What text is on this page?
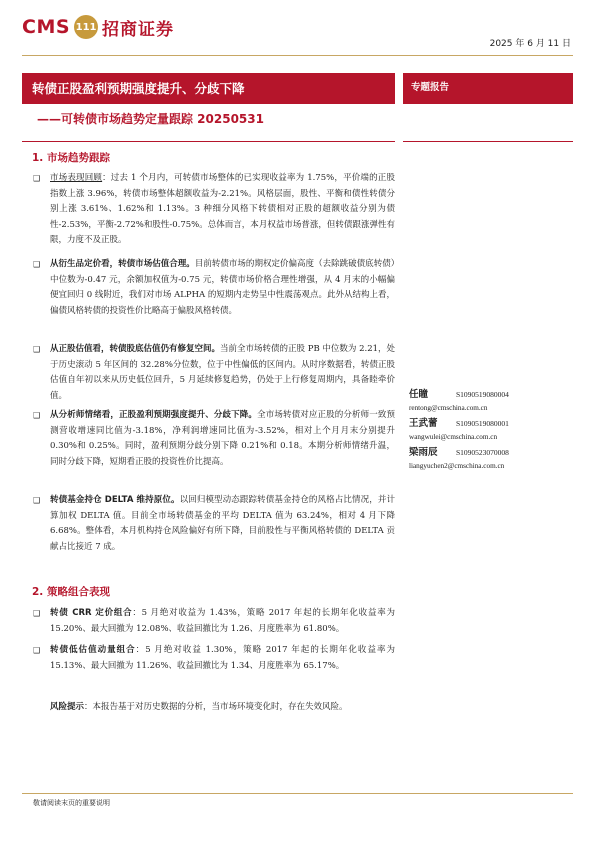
CMS 111 招商证券
2025 年 6 月 11 日
转债正股盈利预期强度提升、分歧下降
——可转债市场趋势定量跟踪 20250531
专题报告
1. 市场趋势跟踪
❑ 市场表现回顾：过去 1 个月内，可转债市场整体的已实现收益率为 1.75%，平价端的正股指数上涨 3.96%，转债市场整体超额收益为-2.21%。风格层面，股性、平衡和债性转债分别上涨 3.61%、1.62%和 1.13%。3 种细分风格下转债相对正股的超额收益分别为债性-2.53%，平衡-2.72%和股性-0.75%。总体而言，本月权益市场普涨，但转债跟涨弹性有限，力度不及正股。
❑ 从衍生品定价看，转债市场估值合理。目前转债市场的期权定价偏高度（去除跳破债底转债）中位数为-0.47 元，余额加权值为-0.75 元，转债市场价格合理性增强，从 4 月末的小幅偏便宜回归 0 线附近，我们对市场 ALPHA 的短期内走势呈中性震荡观点。此外从结构上看，偏债风格转债的投资性价比略高于偏股风格转债。
❑ 从正股估值看，转债股底估值仍有修复空间。当前全市场转债的正股 PB 中位数为 2.21，处于历史滚动 5 年区间的 32.28%分位数，位于中性偏低的区间内。从时序数据看，转债正股估值自年初以来从历史低位回升，5 月延续修复趋势，仍处于上行修复周期内，具备睦牵价值。
❑ 从分析师情绪看，正股盈利预期强度提升、分歧下降。全市场转债对应正股的分析师一致预测营收增速同比值为-3.18%，净利润增速同比值为-3.52%，相对上个月月末分别提升 0.30%和 0.25%。同时，盈利预期分歧分别下降 0.21%和 0.18。本期分析师情绪升温，同时分歧下降，短期看正股的投资性价比提高。
❑ 转债基金持仓 DELTA 维持原位。以回归模型动态跟踪转债基金持仓的风格占比情况，并计算加权 DELTA 值。目前全市场转债基金的平均 DELTA 值为 63.24%，相对 4 月下降 6.68%。整体看，本月机构持仓风险偏好有所下降，目前股性与平衡风格转债的 DELTA 贡献占比接近 7 成。
2. 策略组合表现
❑ 转债 CRR 定价组合：5 月绝对收益为 1.43%，策略 2017 年起的长期年化收益率为 15.20%、最大回撤为 12.08%、收益回撤比为 1.26、月度胜率为 61.80%。
❑ 转债低估值动量组合：5 月绝对收益 1.30%，策略 2017 年起的长期年化收益率为 15.13%、最大回撤为 11.26%、收益回撤比为 1.34、月度胜率为 65.17%。
风险提示：本报告基于对历史数据的分析，当市场环境变化时，存在失效风险。
任瞳	S1090519080004
rentong@cmschina.com.cn
王武蕾 S1090519080001
wangwulei@cmschina.com.cn
梁雨辰 S1090523070008
liangyuchen2@cmschina.com.cn
敬请阅读末页的重要说明
